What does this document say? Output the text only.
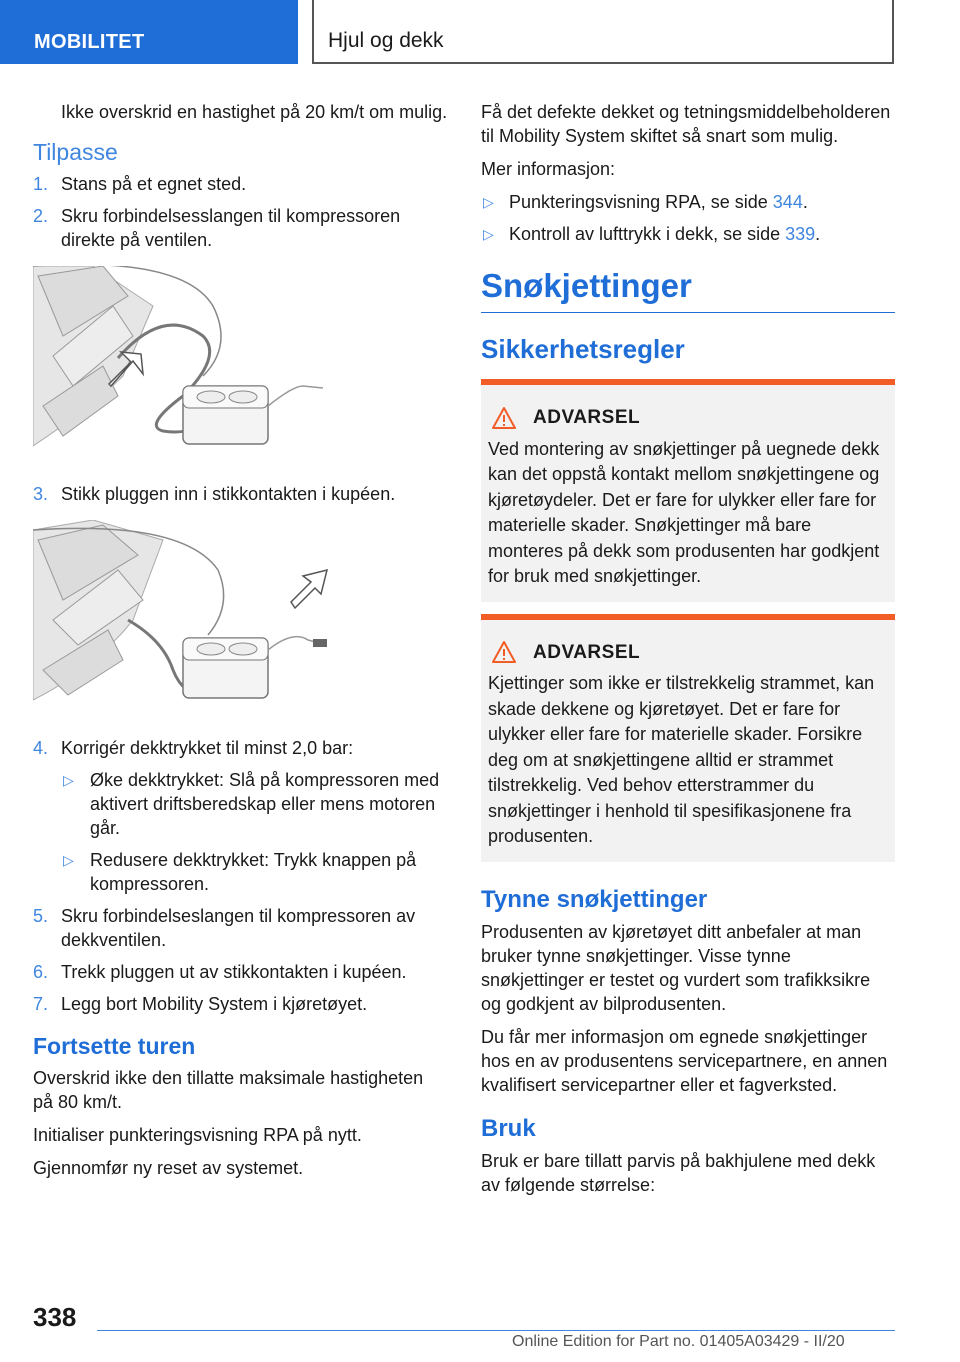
MOBILITET	Hjul og dekk

Ikke overskrid en hastighet på 20 km/t om mulig.

Tilpasse
1. Stans på et egnet sted.
2. Skru forbindelsesslangen til kompressoren direkte på ventilen.
3. Stikk pluggen inn i stikkontakten i kupéen.
4. Korrigér dekktrykket til minst 2,0 bar:
▷ Øke dekktrykket: Slå på kompressoren med aktivert driftsberedskap eller mens motoren går.
▷ Redusere dekktrykket: Trykk knappen på kompressoren.
5. Skru forbindelseslangen til kompressoren av dekkventilen.
6. Trekk pluggen ut av stikkontakten i kupéen.
7. Legg bort Mobility System i kjøretøyet.
Fortsette turen

Overskrid ikke den tillatte maksimale hastigheten på 80 km/t.

Initialiser punkteringsvisning RPA på nytt.

Gjennomfør ny reset av systemet.

Få det defekte dekket og tetningsmiddelbeholderen til Mobility System skiftet så snart som mulig.

Mer informasjon:

▷ Punkteringsvisning RPA, se side 344.
▷ Kontroll av lufttrykk i dekk, se side 339.
Snøkjettinger
Sikkerhetsregler
ADVARSEL

Ved montering av snøkjettinger på uegnede dekk kan det oppstå kontakt mellom snøkjettingene og kjøretøydeler. Det er fare for ulykker eller fare for materielle skader. Snøkjettinger må bare monteres på dekk som produsenten har godkjent for bruk med snøkjettinger.

ADVARSEL

Kjettinger som ikke er tilstrekkelig strammet, kan skade dekkene og kjøretøyet. Det er fare for ulykker eller fare for materielle skader. Forsikre deg om at snøkjettingene alltid er strammet tilstrekkelig. Ved behov etterstrammer du snøkjettinger i henhold til spesifikasjonene fra produsenten.

Tynne snøkjettinger

Produsenten av kjøretøyet ditt anbefaler at man bruker tynne snøkjettinger. Visse tynne snøkjettinger er testet og vurdert som trafikksikre og godkjent av bilprodusenten.

Du får mer informasjon om egnede snøkjettinger hos en av produsentens servicepartnere, en annen kvalifisert servicepartner eller et fagverksted.

Bruk

Bruk er bare tillatt parvis på bakhjulene med dekk av følgende størrelse:

338
Online Edition for Part no. 01405A03429 - II/20
